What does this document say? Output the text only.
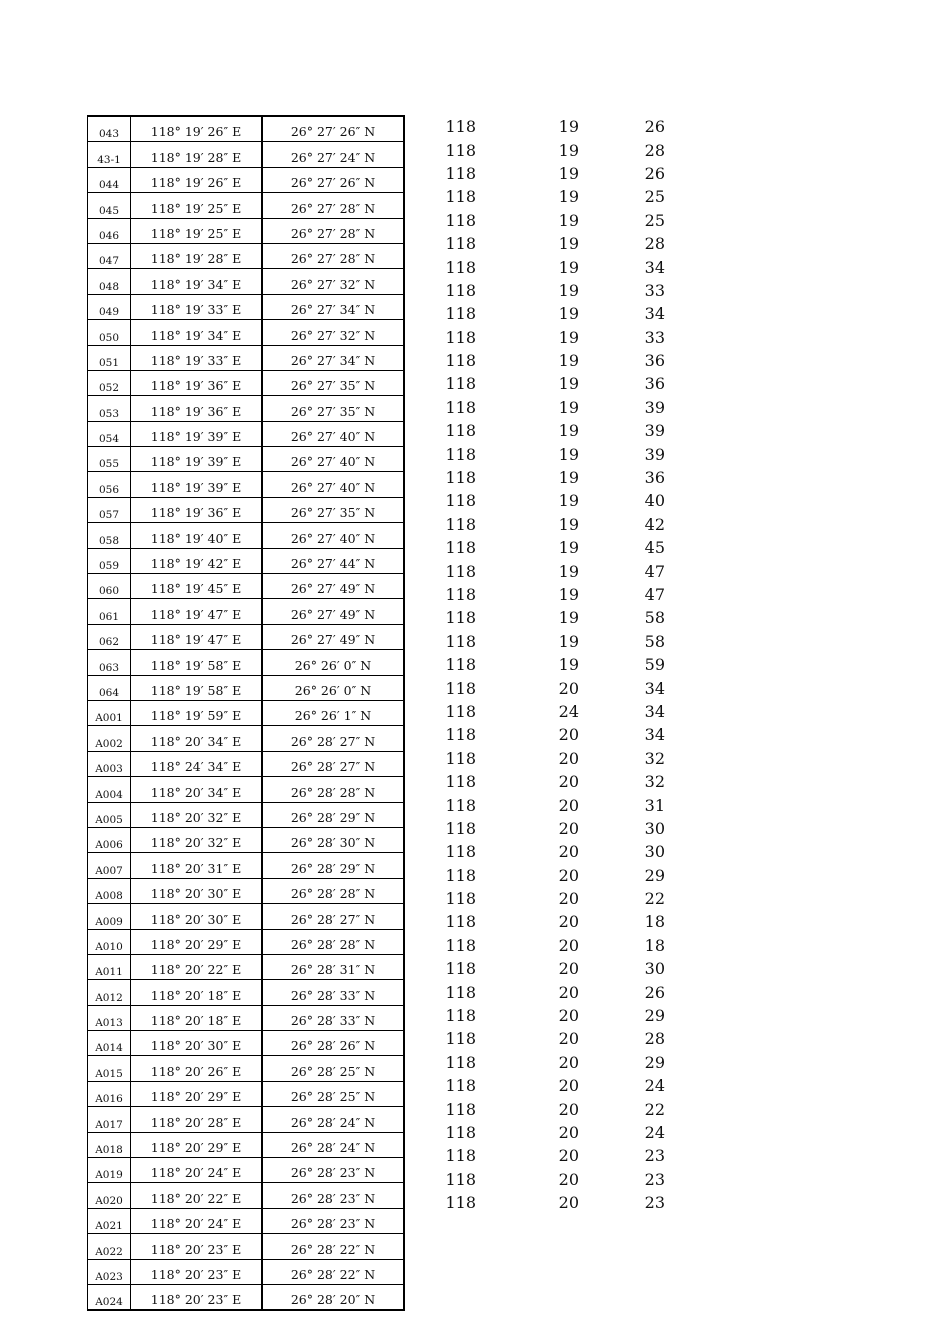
043	118° 19′ 26″ E	26° 27′ 26″ N
43-1	118° 19′ 28″ E	26° 27′ 24″ N
044	118° 19′ 26″ E	26° 27′ 26″ N
045	118° 19′ 25″ E	26° 27′ 28″ N
046	118° 19′ 25″ E	26° 27′ 28″ N
047	118° 19′ 28″ E	26° 27′ 28″ N
048	118° 19′ 34″ E	26° 27′ 32″ N
049	118° 19′ 33″ E	26° 27′ 34″ N
050	118° 19′ 34″ E	26° 27′ 32″ N
051	118° 19′ 33″ E	26° 27′ 34″ N
052	118° 19′ 36″ E	26° 27′ 35″ N
053	118° 19′ 36″ E	26° 27′ 35″ N
054	118° 19′ 39″ E	26° 27′ 40″ N
055	118° 19′ 39″ E	26° 27′ 40″ N
056	118° 19′ 39″ E	26° 27′ 40″ N
057	118° 19′ 36″ E	26° 27′ 35″ N
058	118° 19′ 40″ E	26° 27′ 40″ N
059	118° 19′ 42″ E	26° 27′ 44″ N
060	118° 19′ 45″ E	26° 27′ 49″ N
061	118° 19′ 47″ E	26° 27′ 49″ N
062	118° 19′ 47″ E	26° 27′ 49″ N
063	118° 19′ 58″ E	26° 26′ 0″ N
064	118° 19′ 58″ E	26° 26′ 0″ N
A001	118° 19′ 59″ E	26° 26′ 1″ N
A002	118° 20′ 34″ E	26° 28′ 27″ N
A003	118° 24′ 34″ E	26° 28′ 27″ N
A004	118° 20′ 34″ E	26° 28′ 28″ N
A005	118° 20′ 32″ E	26° 28′ 29″ N
A006	118° 20′ 32″ E	26° 28′ 30″ N
A007	118° 20′ 31″ E	26° 28′ 29″ N
A008	118° 20′ 30″ E	26° 28′ 28″ N
A009	118° 20′ 30″ E	26° 28′ 27″ N
A010	118° 20′ 29″ E	26° 28′ 28″ N
A011	118° 20′ 22″ E	26° 28′ 31″ N
A012	118° 20′ 18″ E	26° 28′ 33″ N
A013	118° 20′ 18″ E	26° 28′ 33″ N
A014	118° 20′ 30″ E	26° 28′ 26″ N
A015	118° 20′ 26″ E	26° 28′ 25″ N
A016	118° 20′ 29″ E	26° 28′ 25″ N
A017	118° 20′ 28″ E	26° 28′ 24″ N
A018	118° 20′ 29″ E	26° 28′ 24″ N
A019	118° 20′ 24″ E	26° 28′ 23″ N
A020	118° 20′ 22″ E	26° 28′ 23″ N
A021	118° 20′ 24″ E	26° 28′ 23″ N
A022	118° 20′ 23″ E	26° 28′ 22″ N
A023	118° 20′ 23″ E	26° 28′ 22″ N
A024	118° 20′ 23″ E	26° 28′ 20″ N
118	19	26
118	19	28
118	19	26
118	19	25
118	19	25
118	19	28
118	19	34
118	19	33
118	19	34
118	19	33
118	19	36
118	19	36
118	19	39
118	19	39
118	19	39
118	19	36
118	19	40
118	19	42
118	19	45
118	19	47
118	19	47
118	19	58
118	19	58
118	19	59
118	20	34
118	24	34
118	20	34
118	20	32
118	20	32
118	20	31
118	20	30
118	20	30
118	20	29
118	20	22
118	20	18
118	20	18
118	20	30
118	20	26
118	20	29
118	20	28
118	20	29
118	20	24
118	20	22
118	20	24
118	20	23
118	20	23
118	20	23
